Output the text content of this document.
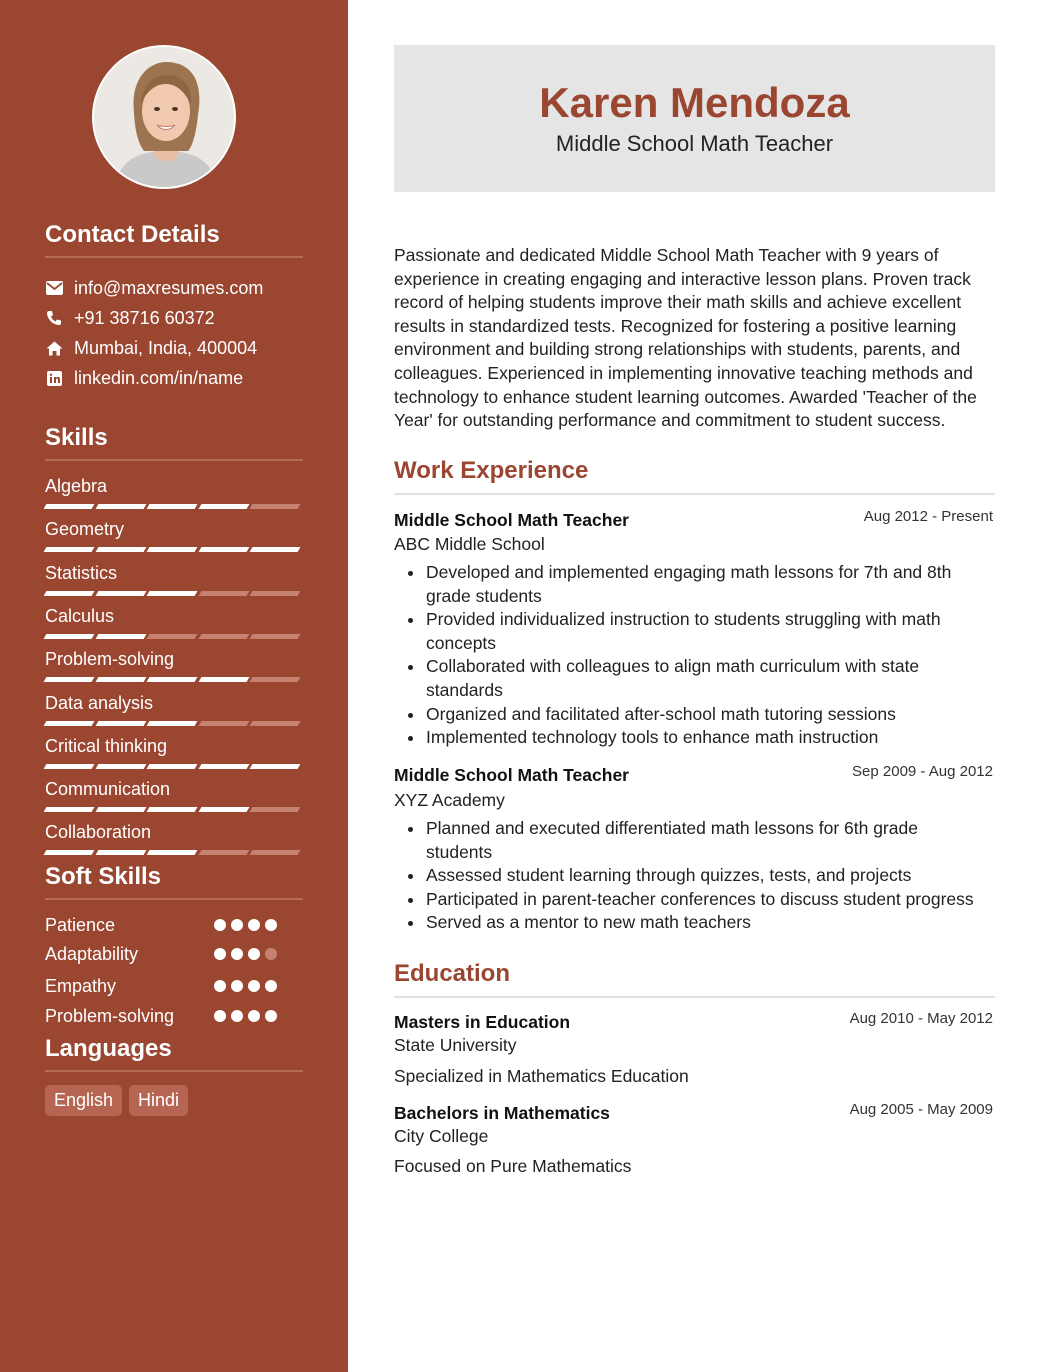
Contact Details
info@maxresumes.com
+91 38716 60372
Mumbai, India, 400004
linkedin.com/in/name
Skills
Algebra
Geometry
Statistics
Calculus
Problem-solving
Data analysis
Critical thinking
Communication
Collaboration
Soft Skills
Patience
Adaptability
Empathy
Problem-solving
Languages
English	Hindi
Karen Mendoza
Middle School Math Teacher

Passionate and dedicated Middle School Math Teacher with 9 years of experience in creating engaging and interactive lesson plans. Proven track record of helping students improve their math skills and achieve excellent results in standardized tests. Recognized for fostering a positive learning environment and building strong relationships with students, parents, and colleagues. Experienced in implementing innovative teaching methods and technology to enhance student learning outcomes. Awarded 'Teacher of the Year' for outstanding performance and commitment to student success.

Work Experience
Middle School Math Teacher	Aug 2012 - Present
ABC Middle School
Developed and implemented engaging math lessons for 7th and 8th grade students
Provided individualized instruction to students struggling with math concepts
Collaborated with colleagues to align math curriculum with state standards
Organized and facilitated after-school math tutoring sessions
Implemented technology tools to enhance math instruction
Middle School Math Teacher	Sep 2009 - Aug 2012
XYZ Academy
Planned and executed differentiated math lessons for 6th grade students
Assessed student learning through quizzes, tests, and projects
Participated in parent-teacher conferences to discuss student progress
Served as a mentor to new math teachers
Education
Masters in Education	Aug 2010 - May 2012
State University
Specialized in Mathematics Education
Bachelors in Mathematics	Aug 2005 - May 2009
City College
Focused on Pure Mathematics
